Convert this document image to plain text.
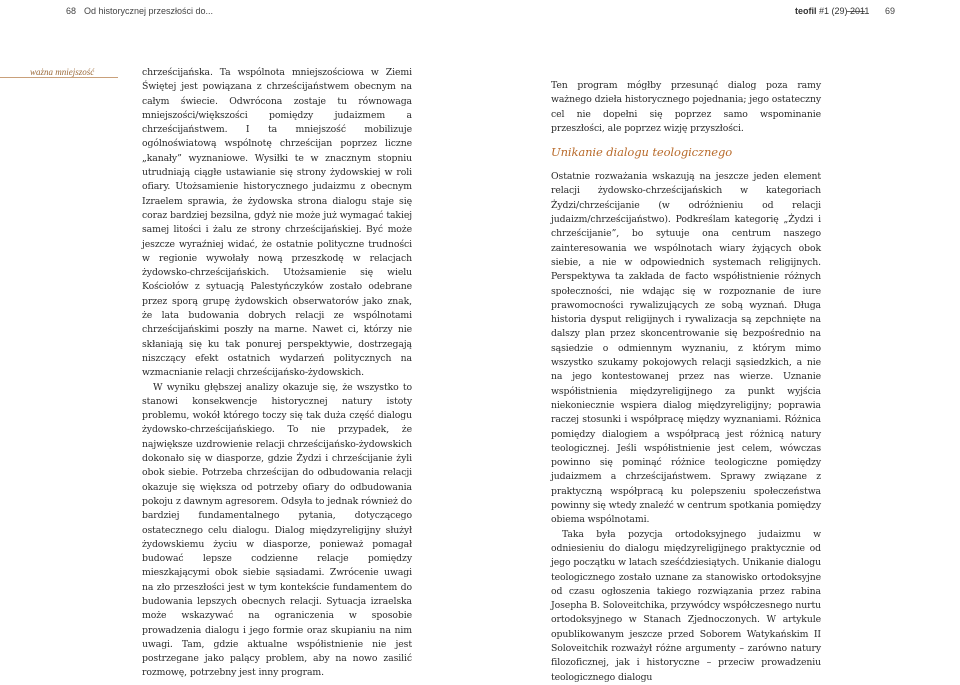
68 Od historycznej przeszłości do...	teofil #1 (29) 2011 69
ważna mniejszość	chrześcijańska. Ta wspólnota mniejszościowa w Ziemi Świętej jest powiązana z chrześcijaństwem obecnym na całym świecie. Odwrócona zostaje tu równowaga mniejszości/większości pomiędzy judaizmem a chrześcijaństwem. I ta mniejszość mobilizuje ogólnoświatową wspólnotę chrześcijan poprzez liczne „kanały” wyznaniowe. Wysiłki te w znacznym stopniu utrudniają ciągłe ustawianie się strony żydowskiej w roli ofiary. Utożsamienie historycznego judaizmu z obecnym Izraelem sprawia, że żydowska strona dialogu staje się coraz bardziej bezsilna, gdyż nie może już wymagać takiej samej litości i żalu ze strony chrześcijańskiej. Być może jeszcze wyraźniej widać, że ostatnie polityczne trudności w regionie wywołały nową przeszkodę w relacjach żydowsko-chrześcijańskich. Utożsamienie się wielu Kościołów z sytuacją Palestyńczyków zostało odebrane przez sporą grupę żydowskich obserwatorów jako znak, że lata budowania dobrych relacji ze wspólnotami chrześcijańskimi poszły na marne. Nawet ci, którzy nie skłaniają się ku tak ponurej perspektywie, dostrzegają niszczący efekt ostatnich wydarzeń politycznych na wzmacnianie relacji chrześcijańsko-żydowskich.

W wyniku głębszej analizy okazuje się, że wszystko to stanowi konsekwencje historycznej natury istoty problemu, wokół którego toczy się tak duża część dialogu żydowsko-chrześcijańskiego. To nie przypadek, że największe uzdrowienie relacji chrześcijańsko-żydowskich dokonało się w diasporze, gdzie Żydzi i chrześcijanie żyli obok siebie. Potrzeba chrześcijan do odbudowania relacji okazuje się większa od potrzeby ofiary do odbudowania pokoju z dawnym agresorem. Odsyła to jednak również do bardziej fundamentalnego pytania, dotyczącego ostatecznego celu dialogu. Dialog międzyreligijny służył żydowskiemu życiu w diasporze, ponieważ pomagał budować lepsze codzienne relacje pomiędzy mieszkającymi obok siebie sąsiadami. Zwrócenie uwagi na zło przeszłości jest w tym kontekście fundamentem do budowania lepszych obecnych relacji. Sytuacja izraelska może wskazywać na ograniczenia w sposobie prowadzenia dialogu i jego formie oraz skupianiu na nim uwagi. Tam, gdzie aktualne współistnienie nie jest postrzegane jako palący problem, aby na nowo zasilić rozmowę, potrzebny jest inny program.

Ten program mógłby przesunąć dialog poza ramy ważnego dzieła historycznego pojednania; jego ostateczny cel nie dopełni się poprzez samo wspominanie przeszłości, ale poprzez wizję przyszłości.

Unikanie dialogu teologicznego

Ostatnie rozważania wskazują na jeszcze jeden element relacji żydowsko-chrześcijańskich w kategoriach Żydzi/chrześcijanie (w odróżnieniu od relacji judaizm/chrześcijaństwo). Podkreślam kategorię „Żydzi i chrześcijanie”, bo sytuuje ona centrum naszego zainteresowania we wspólnotach wiary żyjących obok siebie, a nie w odpowiednich systemach religijnych. Perspektywa ta zakłada de facto współistnienie różnych społeczności, nie wdając się w rozpoznanie de iure prawomocności rywalizujących ze sobą wyznań. Długa historia dysput religijnych i rywalizacja są zepchnięte na dalszy plan przez skoncentrowanie się bezpośrednio na sąsiedzie o odmiennym wyznaniu, z którym mimo wszystko szukamy pokojowych relacji sąsiedzkich, a nie na jego kontestowanej przez nas wierze. Uznanie współistnienia międzyreligijnego za punkt wyjścia niekoniecznie wspiera dialog międzyreligijny; poprawia raczej stosunki i współpracę między wyznaniami. Różnica pomiędzy dialogiem a współpracą jest różnicą natury teologicznej. Jeśli współistnienie jest celem, wówczas powinno się pominąć różnice teologiczne pomiędzy judaizmem a chrześcijaństwem. Sprawy związane z praktyczną współpracą ku polepszeniu społeczeństwa powinny się wtedy znaleźć w centrum spotkania pomiędzy obiema wspólnotami.

Taka była pozycja ortodoksyjnego judaizmu w odniesieniu do dialogu międzyreligijnego praktycznie od jego początku w latach sześćdziesiątych. Unikanie dialogu teologicznego zostało uznane za stanowisko ortodoksyjne od czasu ogłoszenia takiego rozwiązania przez rabina Josepha B. Soloveitchika, przywódcy współczesnego nurtu ortodoksyjnego w Stanach Zjednoczonych. W artykule opublikowanym jeszcze przed Soborem Watykańskim II Soloveitchik rozważył różne argumenty – zarówno natury filozoficznej, jak i historyczne – przeciw prowadzeniu teologicznego dialogu
